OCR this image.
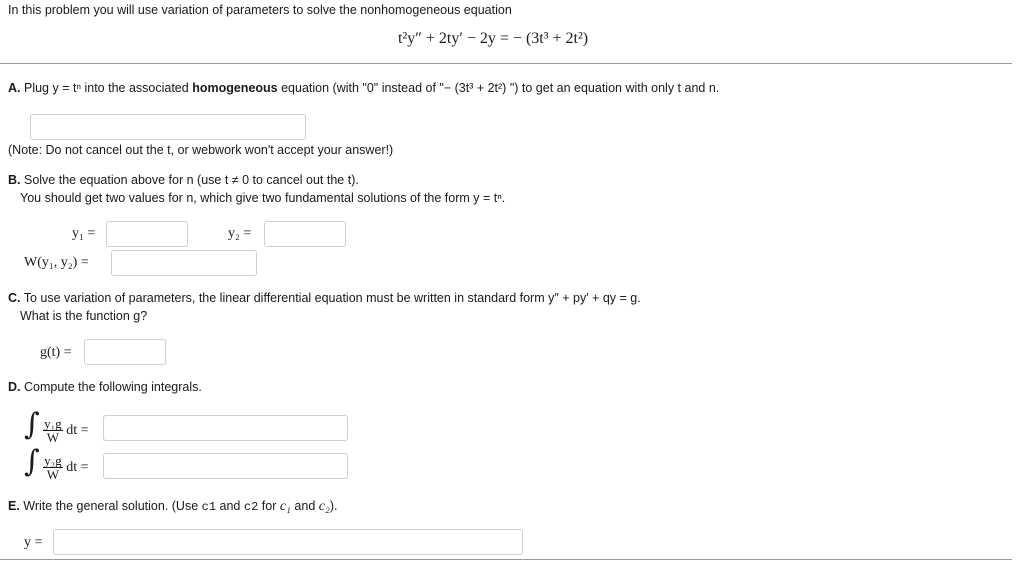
In this problem you will use variation of parameters to solve the nonhomogeneous equation
t²y″ + 2ty′ − 2y = − (3t³ + 2t²)
A. Plug y = tⁿ into the associated homogeneous equation (with "0" instead of "− (3t³ + 2t²) ") to get an equation with only t and n.
(Note: Do not cancel out the t, or webwork won't accept your answer!)
B. Solve the equation above for n (use t ≠ 0 to cancel out the t).
You should get two values for n, which give two fundamental solutions of the form y = tⁿ.
y₁ =	y₂ =
W(y₁, y₂) =
C. To use variation of parameters, the linear differential equation must be written in standard form y″ + py′ + qy = g.
What is the function g?
g(t) =
D. Compute the following integrals.
∫ $\frac{\text{y₁g}}{W}$ dt =
∫ $\frac{\text{y₂g}}{W}$ dt =
E. Write the general solution. (Use c1 and c2 for c₁ and c₂).
y =
